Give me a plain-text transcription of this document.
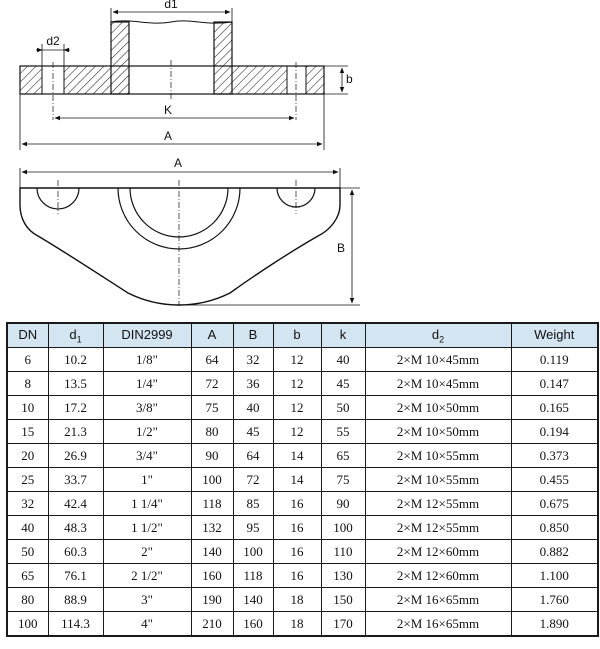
d1
d2
b
K
A
A
B
DN	$d_1$	DIN2999	A	B	b	k	$d_2$	Weight
6	10.2	1/8"	64	32	12	40	2×M 10×45mm	0.119
8	13.5	1/4"	72	36	12	45	2×M 10×45mm	0.147
10	17.2	3/8"	75	40	12	50	2×M 10×50mm	0.165
15	21.3	1/2"	80	45	12	55	2×M 10×50mm	0.194
20	26.9	3/4"	90	64	14	65	2×M 10×55mm	0.373
25	33.7	1"	100	72	14	75	2×M 10×55mm	0.455
32	42.4	1 1/4"	118	85	16	90	2×M 12×55mm	0.675
40	48.3	1 1/2"	132	95	16	100	2×M 12×55mm	0.850
50	60.3	2"	140	100	16	110	2×M 12×60mm	0.882
65	76.1	2 1/2"	160	118	16	130	2×M 12×60mm	1.100
80	88.9	3"	190	140	18	150	2×M 16×65mm	1.760
100	114.3	4"	210	160	18	170	2×M 16×65mm	1.890
